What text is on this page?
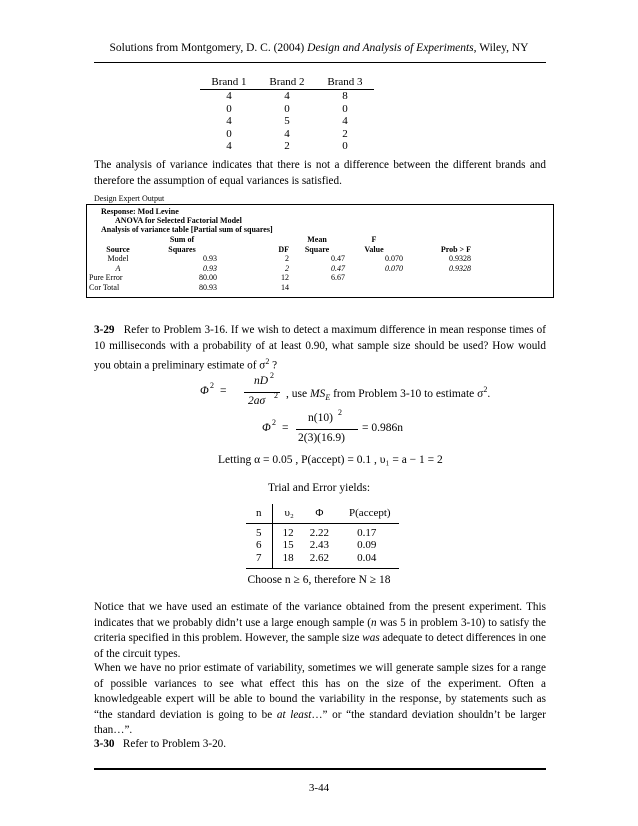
Solutions from Montgomery, D. C. (2004) Design and Analysis of Experiments, Wiley, NY
Brand 1	Brand 2	Brand 3
4	4	8
0	0	0
4	5	4
0	4	2
4	2	0
The analysis of variance indicates that there is not a difference between the different brands and therefore the assumption of equal variances is satisfied.
Design Expert Output
Response: Mod Levine
ANOVA for Selected Factorial Model
Analysis of variance table [Partial sum of squares]
	Sum of		Mean	F	
Source	Squares	DF	Square	Value	Prob > F
Model	0.93	2	0.47	0.070	0.9328
A	0.93	2	0.47	0.070	0.9328
Pure Error	80.00	12	6.67		
Cor Total	80.93	14			
3-29 Refer to Problem 3-16. If we wish to detect a maximum difference in mean response times of 10 milliseconds with a probability of at least 0.90, what sample size should be used? How would you obtain a preliminary estimate of $\sigma^2$ ?
Φ 2 =
nD 2
2aσ 2 , use $MS_E$ from Problem 3-10 to estimate $\sigma^2$.
Φ 2 =
n(10) 2
2(3)(16.9)
= 0.986n
Letting α = 0.05 , P(accept) = 0.1 , υ₁ = a − 1 = 2
Trial and Error yields:
n	υ₂	Φ	P(accept)
5	12	2.22	0.17
6	15	2.43	0.09
7	18	2.62	0.04
Choose n ≥ 6, therefore N ≥ 18
Notice that we have used an estimate of the variance obtained from the present experiment. This indicates that we probably didn’t use a large enough sample (n was 5 in problem 3-10) to satisfy the criteria specified in this problem. However, the sample size was adequate to detect differences in one of the circuit types.
When we have no prior estimate of variability, sometimes we will generate sample sizes for a range of possible variances to see what effect this has on the size of the experiment. Often a knowledgeable expert will be able to bound the variability in the response, by statements such as “the standard deviation is going to be at least…” or “the standard deviation shouldn’t be larger than…”.
3-30 Refer to Problem 3-20.
3-44
